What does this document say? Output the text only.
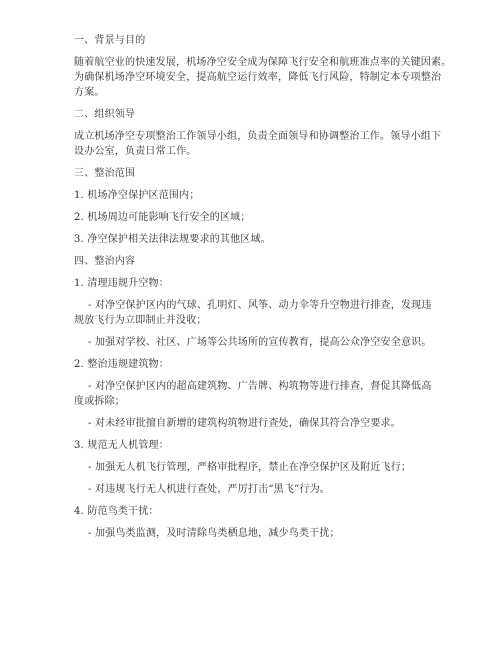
一、背景与目的
随着航空业的快速发展，机场净空安全成为保障飞行安全和航班准点率的关键因素。
为确保机场净空环境安全，提高航空运行效率，降低飞行风险，特制定本专项整治
方案。
二、组织领导
成立机场净空专项整治工作领导小组，负责全面领导和协调整治工作。领导小组下
设办公室，负责日常工作。
三、整治范围
1. 机场净空保护区范围内；
2. 机场周边可能影响飞行安全的区域；
3. 净空保护相关法律法规要求的其他区域。
四、整治内容
1. 清理违规升空物：
- 对净空保护区内的气球、孔明灯、风筝、动力伞等升空物进行排查，发现违
规放飞行为立即制止并没收；
- 加强对学校、社区、广场等公共场所的宣传教育，提高公众净空安全意识。
2. 整治违规建筑物：
- 对净空保护区内的超高建筑物、广告牌、构筑物等进行排查，督促其降低高
度或拆除；
- 对未经审批擅自新增的建筑构筑物进行查处，确保其符合净空要求。
3. 规范无人机管理：
- 加强无人机飞行管理，严格审批程序，禁止在净空保护区及附近飞行；
- 对违规飞行无人机进行查处，严厉打击“黑飞”行为。
4. 防范鸟类干扰：
- 加强鸟类监测，及时清除鸟类栖息地，减少鸟类干扰；
